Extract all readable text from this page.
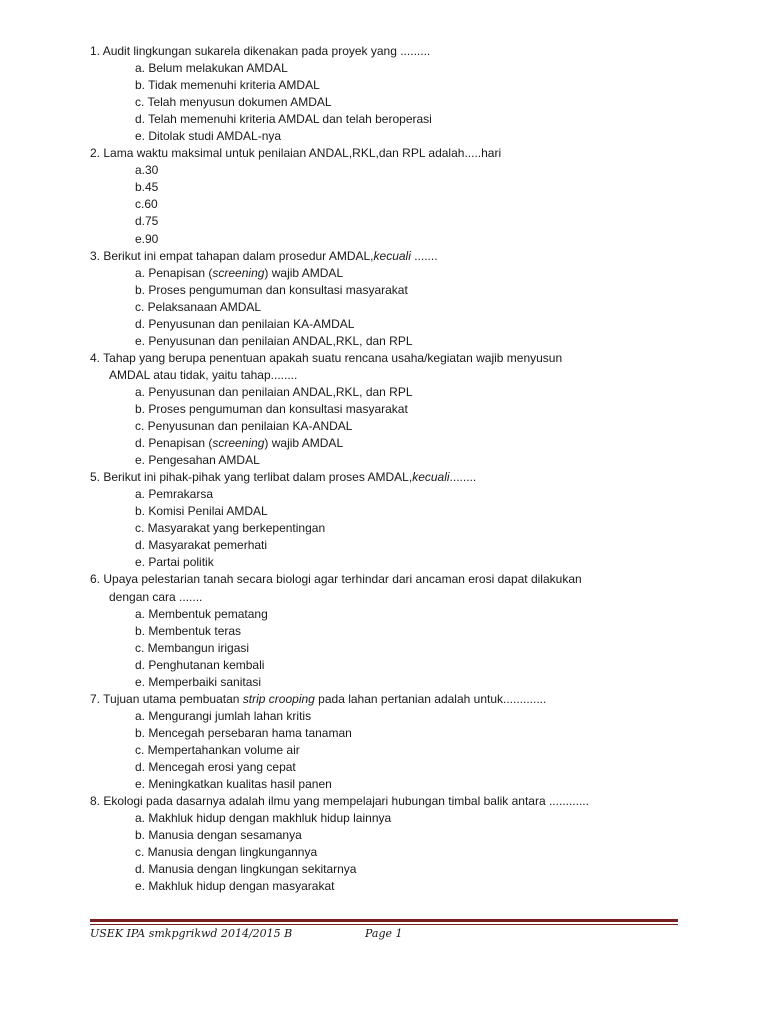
1. Audit lingkungan sukarela dikenakan pada proyek yang .........
a. Belum melakukan AMDAL
b. Tidak memenuhi kriteria AMDAL
c. Telah menyusun dokumen AMDAL
d. Telah memenuhi kriteria AMDAL dan telah beroperasi
e. Ditolak studi AMDAL-nya
2. Lama waktu maksimal untuk penilaian ANDAL,RKL,dan RPL adalah.....hari
a.30
b.45
c.60
d.75
e.90
3. Berikut ini empat tahapan dalam prosedur AMDAL,kecuali .......
a. Penapisan (screening) wajib AMDAL
b. Proses pengumuman dan konsultasi masyarakat
c. Pelaksanaan AMDAL
d. Penyusunan dan penilaian KA-AMDAL
e. Penyusunan dan penilaian ANDAL,RKL, dan RPL
4. Tahap yang berupa penentuan apakah suatu rencana usaha/kegiatan wajib menyusun
AMDAL atau tidak, yaitu tahap........
a. Penyusunan dan penilaian ANDAL,RKL, dan RPL
b. Proses pengumuman dan konsultasi masyarakat
c. Penyusunan dan penilaian KA-ANDAL
d. Penapisan (screening) wajib AMDAL
e. Pengesahan AMDAL
5. Berikut ini pihak-pihak yang terlibat dalam proses AMDAL,kecuali........
a. Pemrakarsa
b. Komisi Penilai AMDAL
c. Masyarakat yang berkepentingan
d. Masyarakat pemerhati
e. Partai politik
6. Upaya pelestarian tanah secara biologi agar terhindar dari ancaman erosi dapat dilakukan
dengan cara .......
a. Membentuk pematang
b. Membentuk teras
c. Membangun irigasi
d. Penghutanan kembali
e. Memperbaiki sanitasi
7. Tujuan utama pembuatan strip crooping pada lahan pertanian adalah untuk.............
a. Mengurangi jumlah lahan kritis
b. Mencegah persebaran hama tanaman
c. Mempertahankan volume air
d. Mencegah erosi yang cepat
e. Meningkatkan kualitas hasil panen
8. Ekologi pada dasarnya adalah ilmu yang mempelajari hubungan timbal balik antara ............
a. Makhluk hidup dengan makhluk hidup lainnya
b. Manusia dengan sesamanya
c. Manusia dengan lingkungannya
d. Manusia dengan lingkungan sekitarnya
e. Makhluk hidup dengan masyarakat
USEK IPA smkpgrikwd 2014/2015 B	Page 1
